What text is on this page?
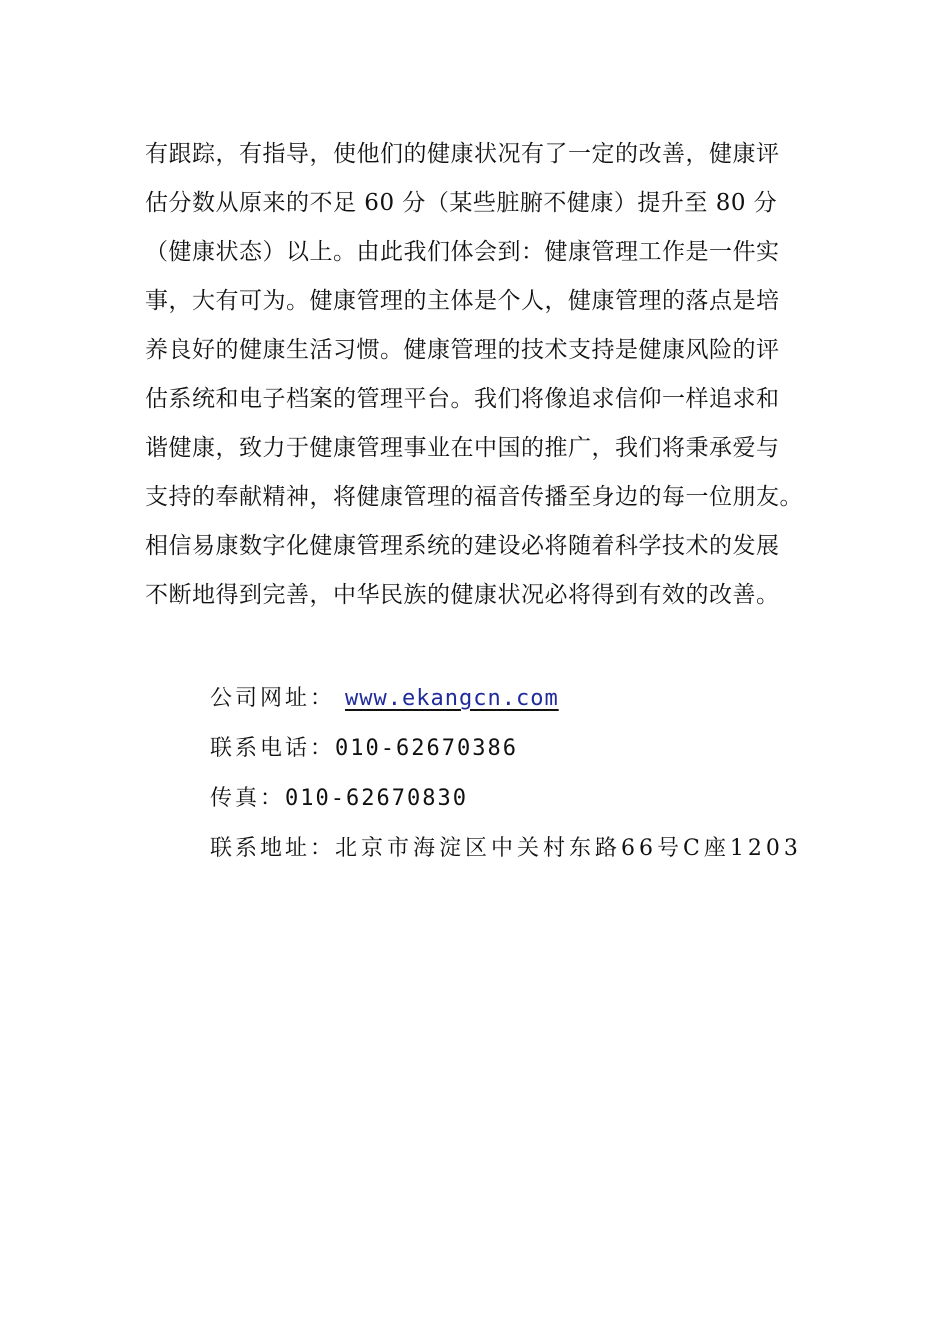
有跟踪，有指导，使他们的健康状况有了一定的改善，健康评
估分数从原来的不足 60 分（某些脏腑不健康）提升至 80 分
（健康状态）以上。由此我们体会到：健康管理工作是一件实
事，大有可为。健康管理的主体是个人，健康管理的落点是培
养良好的健康生活习惯。健康管理的技术支持是健康风险的评
估系统和电子档案的管理平台。我们将像追求信仰一样追求和
谐健康，致力于健康管理事业在中国的推广，我们将秉承爱与
支持的奉献精神，将健康管理的福音传播至身边的每一位朋友。
相信易康数字化健康管理系统的建设必将随着科学技术的发展
不断地得到完善，中华民族的健康状况必将得到有效的改善。
公司网址： www.ekangcn.com
联系电话：010-62670386
传真：010-62670830
联系地址：北京市海淀区中关村东路66号C座1203
